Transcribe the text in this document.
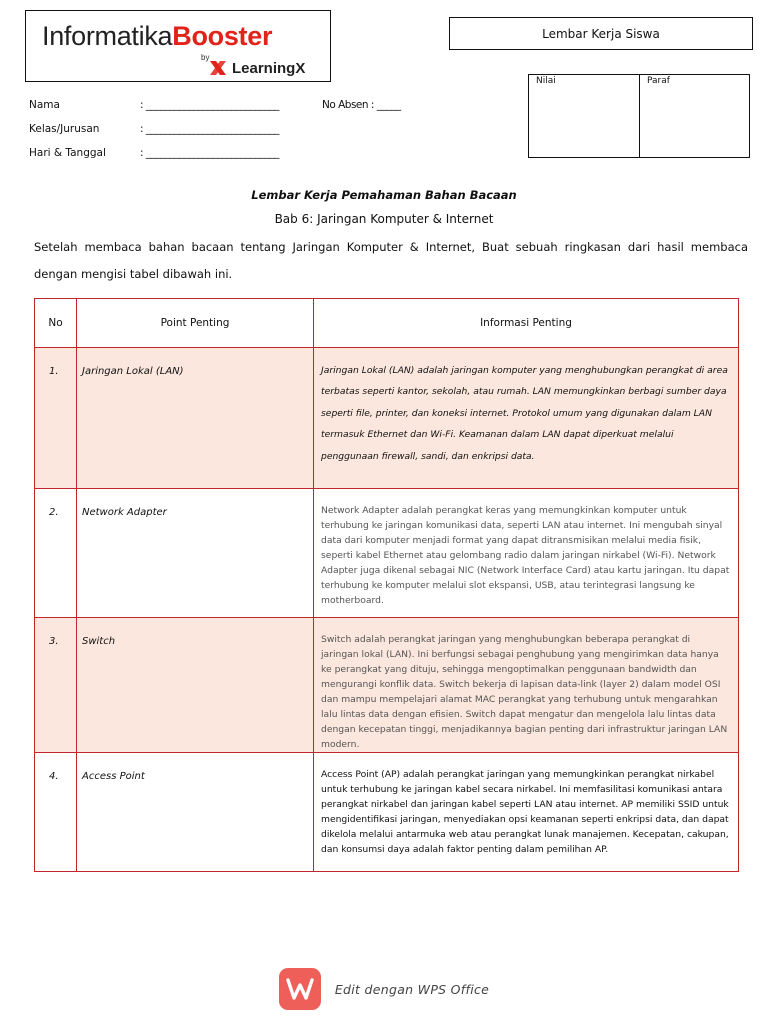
InformatikaBooster
by
LearningX
Lembar Kerja Siswa
Nilai	Paraf
Nama	: ____________________________	No Absen : _____
Kelas/Jurusan	: ____________________________
Hari & Tanggal	: ____________________________
Lembar Kerja Pemahaman Bahan Bacaan
Bab 6: Jaringan Komputer & Internet
Setelah membaca bahan bacaan tentang Jaringan Komputer & Internet, Buat sebuah ringkasan dari hasil membaca dengan mengisi tabel dibawah ini.
No	Point Penting	Informasi Penting
1.	Jaringan Lokal (LAN)	Jaringan Lokal (LAN) adalah jaringan komputer yang menghubungkan perangkat di area terbatas seperti kantor, sekolah, atau rumah. LAN memungkinkan berbagi sumber daya seperti file, printer, dan koneksi internet. Protokol umum yang digunakan dalam LAN termasuk Ethernet dan Wi-Fi. Keamanan dalam LAN dapat diperkuat melalui penggunaan firewall, sandi, dan enkripsi data.
2.	Network Adapter	Network Adapter adalah perangkat keras yang memungkinkan komputer untuk terhubung ke jaringan komunikasi data, seperti LAN atau internet. Ini mengubah sinyal data dari komputer menjadi format yang dapat ditransmisikan melalui media fisik, seperti kabel Ethernet atau gelombang radio dalam jaringan nirkabel (Wi-Fi). Network Adapter juga dikenal sebagai NIC (Network Interface Card) atau kartu jaringan. Itu dapat terhubung ke komputer melalui slot ekspansi, USB, atau terintegrasi langsung ke motherboard.
3.	Switch	Switch adalah perangkat jaringan yang menghubungkan beberapa perangkat di jaringan lokal (LAN). Ini berfungsi sebagai penghubung yang mengirimkan data hanya ke perangkat yang dituju, sehingga mengoptimalkan penggunaan bandwidth dan mengurangi konflik data. Switch bekerja di lapisan data-link (layer 2) dalam model OSI dan mampu mempelajari alamat MAC perangkat yang terhubung untuk mengarahkan lalu lintas data dengan efisien. Switch dapat mengatur dan mengelola lalu lintas data dengan kecepatan tinggi, menjadikannya bagian penting dari infrastruktur jaringan LAN modern.
4.	Access Point	Access Point (AP) adalah perangkat jaringan yang memungkinkan perangkat nirkabel untuk terhubung ke jaringan kabel secara nirkabel. Ini memfasilitasi komunikasi antara perangkat nirkabel dan jaringan kabel seperti LAN atau internet. AP memiliki SSID untuk mengidentifikasi jaringan, menyediakan opsi keamanan seperti enkripsi data, dan dapat dikelola melalui antarmuka web atau perangkat lunak manajemen. Kecepatan, cakupan, dan konsumsi daya adalah faktor penting dalam pemilihan AP.
Edit dengan WPS Office
